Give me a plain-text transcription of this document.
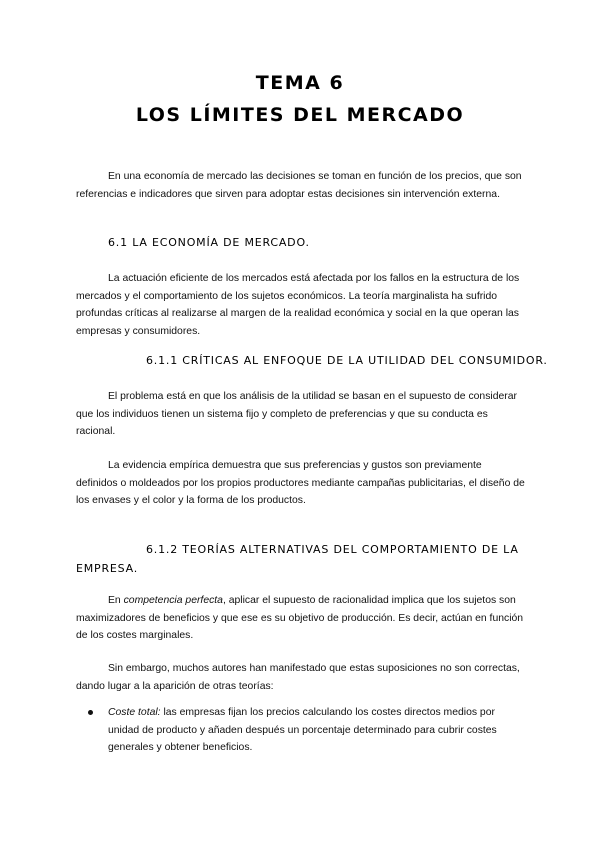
TEMA 6
LOS LÍMITES DEL MERCADO

En una economía de mercado las decisiones se toman en función de los precios, que son referencias e indicadores que sirven para adoptar estas decisiones sin intervención externa.

6.1 LA ECONOMÍA DE MERCADO.

La actuación eficiente de los mercados está afectada por los fallos en la estructura de los mercados y el comportamiento de los sujetos económicos. La teoría marginalista ha sufrido profundas críticas al realizarse al margen de la realidad económica y social en la que operan las empresas y consumidores.

6.1.1 CRÍTICAS AL ENFOQUE DE LA UTILIDAD DEL CONSUMIDOR.

El problema está en que los análisis de la utilidad se basan en el supuesto de considerar que los individuos tienen un sistema fijo y completo de preferencias y que su conducta es racional.

La evidencia empírica demuestra que sus preferencias y gustos son previamente definidos o moldeados por los propios productores mediante campañas publicitarias, el diseño de los envases y el color y la forma de los productos.

6.1.2 TEORÍAS ALTERNATIVAS DEL COMPORTAMIENTO DE LA
EMPRESA.

En competencia perfecta, aplicar el supuesto de racionalidad implica que los sujetos son maximizadores de beneficios y que ese es su objetivo de producción. Es decir, actúan en función de los costes marginales.

Sin embargo, muchos autores han manifestado que estas suposiciones no son correctas, dando lugar a la aparición de otras teorías:

Coste total: las empresas fijan los precios calculando los costes directos medios por unidad de producto y añaden después un porcentaje determinado para cubrir costes generales y obtener beneficios.
